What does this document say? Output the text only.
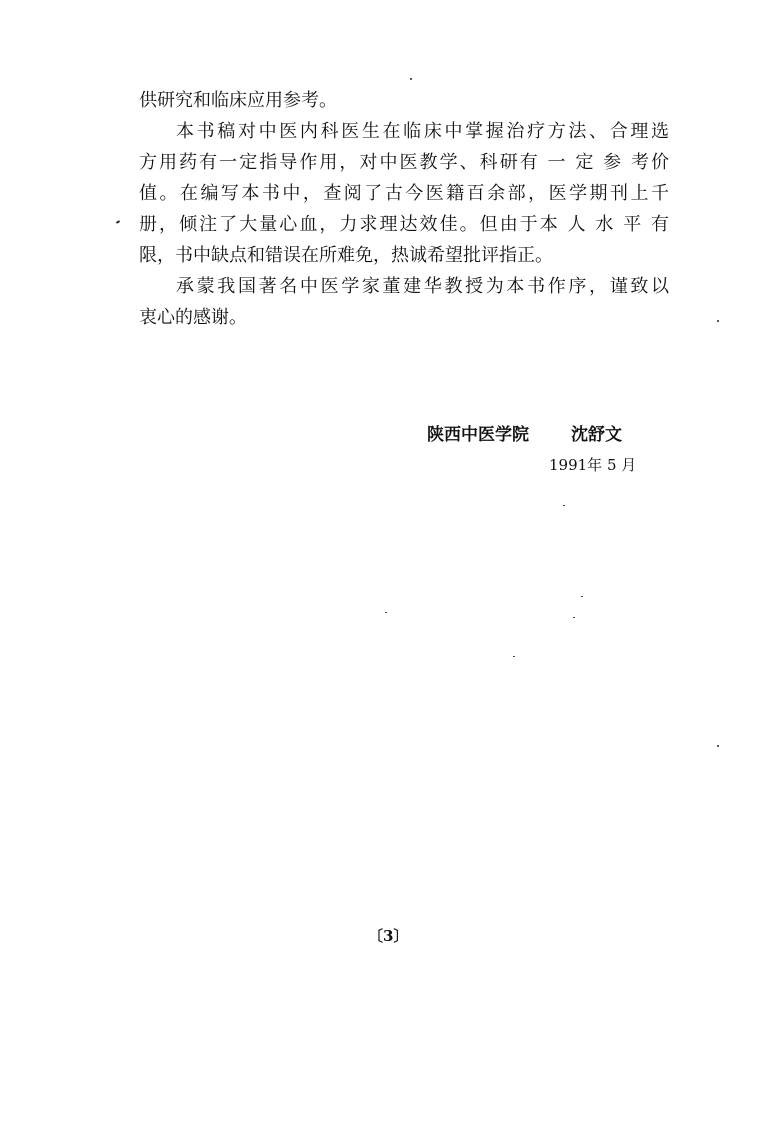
供研究和临床应用参考。
本书稿对中医内科医生在临床中掌握治疗方法、合理选
方用药有一定指导作用，对中医教学、科研有 一 定 参 考价
值。在编写本书中，查阅了古今医籍百余部，医学期刊上千
册，倾注了大量心血，力求理达效佳。但由于本 人 水 平 有
限，书中缺点和错误在所难免，热诚希望批评指正。
承蒙我国著名中医学家董建华教授为本书作序，谨致以
衷心的感谢。
陕西中医学院 沈舒文
1991年 5 月
〔3〕
